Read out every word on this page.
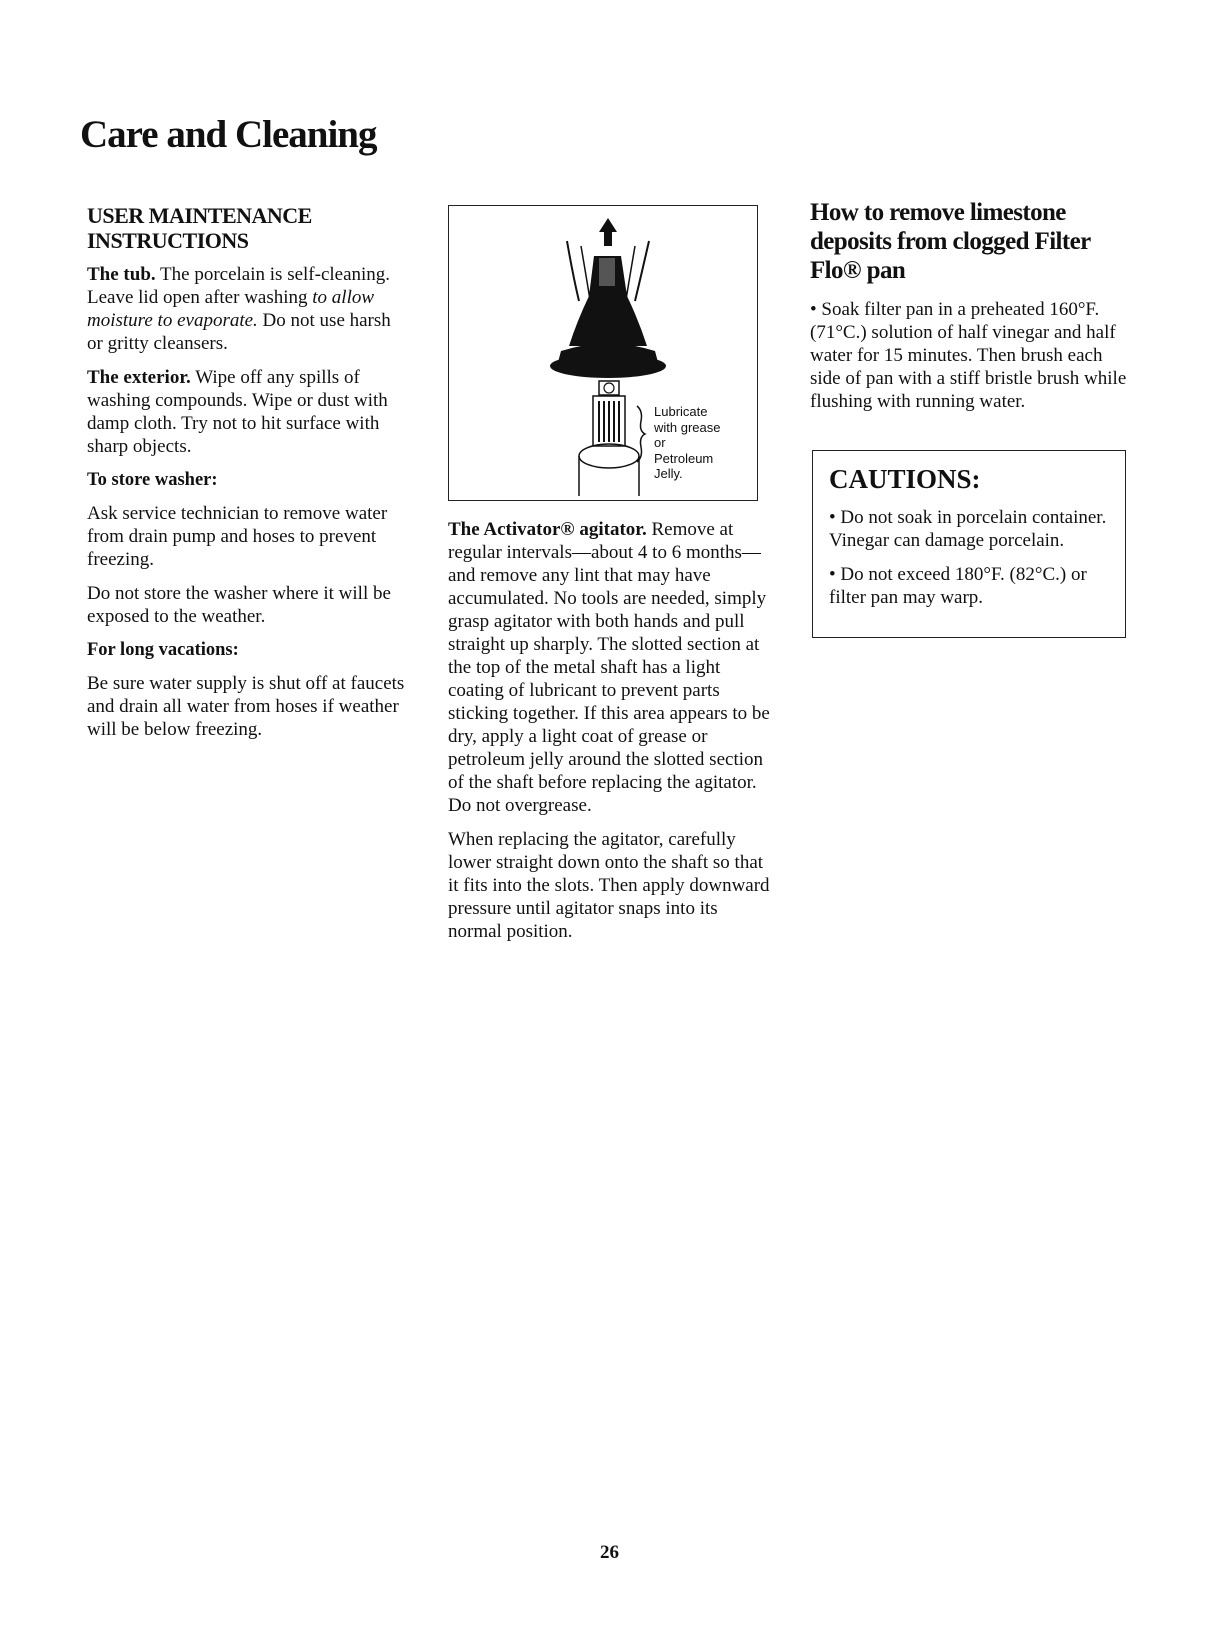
Care and Cleaning
USER MAINTENANCE INSTRUCTIONS

The tub. The porcelain is self-cleaning. Leave lid open after washing to allow moisture to evaporate. Do not use harsh or gritty cleansers.

The exterior. Wipe off any spills of washing compounds. Wipe or dust with damp cloth. Try not to hit surface with sharp objects.

To store washer:

Ask service technician to remove water from drain pump and hoses to prevent freezing.

Do not store the washer where it will be exposed to the weather.

For long vacations:

Be sure water supply is shut off at faucets and drain all water from hoses if weather will be below freezing.

Lubricate
with grease
or
Petroleum
Jelly.

The Activator® agitator. Remove at regular intervals—about 4 to 6 months—and remove any lint that may have accumulated. No tools are needed, simply grasp agitator with both hands and pull straight up sharply. The slotted section at the top of the metal shaft has a light coating of lubricant to prevent parts sticking together. If this area appears to be dry, apply a light coat of grease or petroleum jelly around the slotted section of the shaft before replacing the agitator. Do not overgrease.

When replacing the agitator, carefully lower straight down onto the shaft so that it fits into the slots. Then apply downward pressure until agitator snaps into its normal position.

How to remove limestone deposits from clogged Filter Flo® pan

• Soak filter pan in a preheated 160°F. (71°C.) solution of half vinegar and half water for 15 minutes. Then brush each side of pan with a stiff bristle brush while flushing with running water.

CAUTIONS:

• Do not soak in porcelain container. Vinegar can damage porcelain.

• Do not exceed 180°F. (82°C.) or filter pan may warp.

26
